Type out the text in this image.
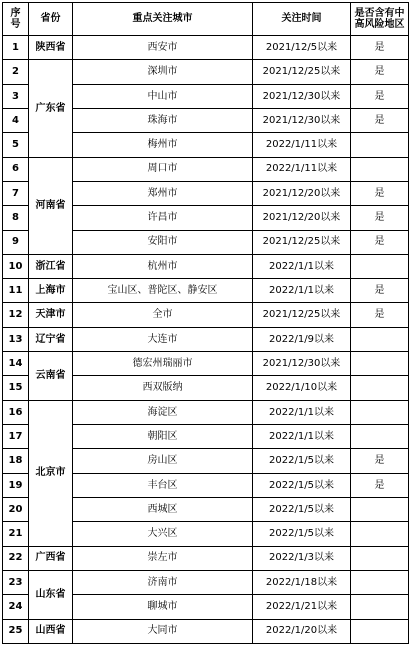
序号	省份	重点关注城市	关注时间	是否含有中高风险地区
1	陕西省	西安市	2021/12/5以来	是
2	广东省	深圳市	2021/12/25以来	是
3		中山市	2021/12/30以来	是
4		珠海市	2021/12/30以来	是
5		梅州市	2022/1/11以来	
6	河南省	周口市	2022/1/11以来	
7		郑州市	2021/12/20以来	是
8		许昌市	2021/12/20以来	是
9		安阳市	2021/12/25以来	是
10	浙江省	杭州市	2022/1/1以来	
11	上海市	宝山区、普陀区、静安区	2022/1/1以来	是
12	天津市	全市	2021/12/25以来	是
13	辽宁省	大连市	2022/1/9以来	
14	云南省	德宏州瑞丽市	2021/12/30以来	
15		西双版纳	2022/1/10以来	
16	北京市	海淀区	2022/1/1以来	
17		朝阳区	2022/1/1以来	
18		房山区	2022/1/5以来	是
19		丰台区	2022/1/5以来	是
20		西城区	2022/1/5以来	
21		大兴区	2022/1/5以来	
22	广西省	崇左市	2022/1/3以来	
23	山东省	济南市	2022/1/18以来	
24		聊城市	2022/1/21以来	
25	山西省	大同市	2022/1/20以来	
